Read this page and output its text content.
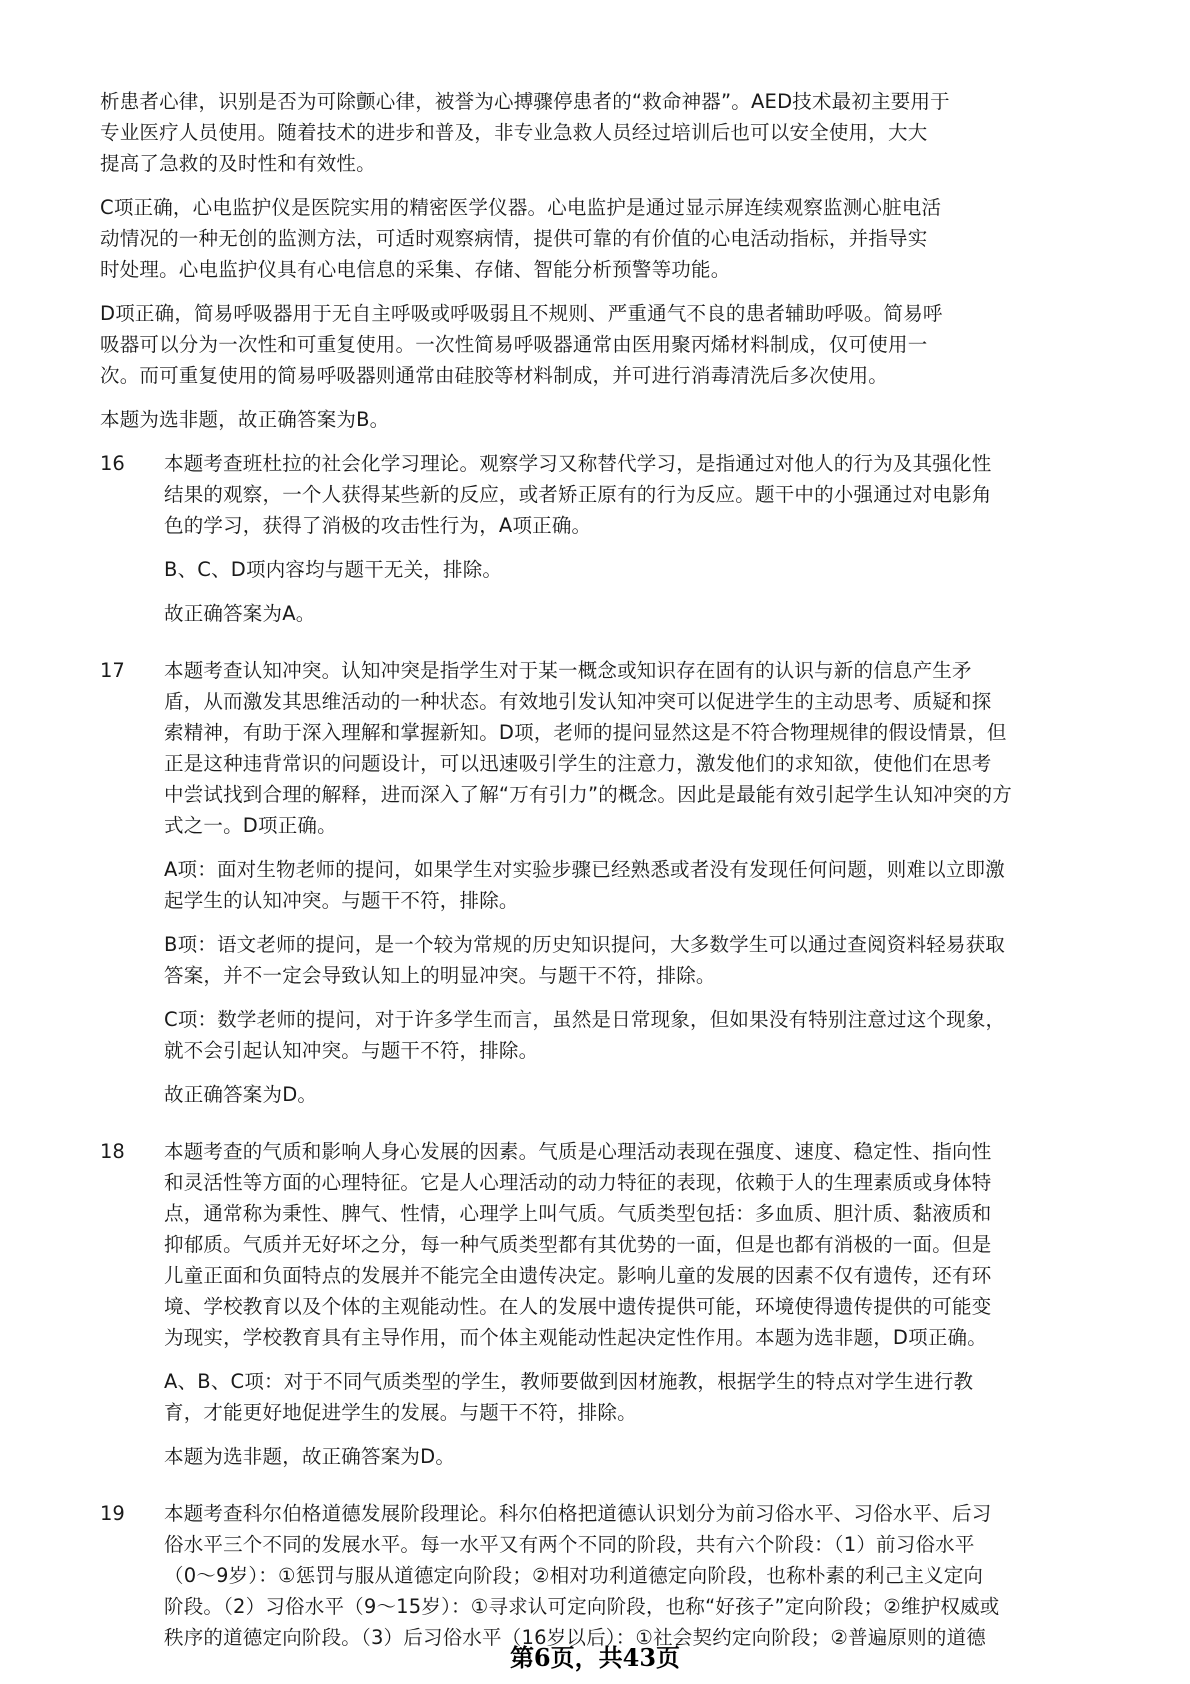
析患者心律，识别是否为可除颤心律，被誉为心搏骤停患者的“救命神器”。AED技术最初主要用于
专业医疗人员使用。随着技术的进步和普及，非专业急救人员经过培训后也可以安全使用，大大
提高了急救的及时性和有效性。

C项正确，心电监护仪是医院实用的精密医学仪器。心电监护是通过显示屏连续观察监测心脏电活
动情况的一种无创的监测方法，可适时观察病情，提供可靠的有价值的心电活动指标，并指导实
时处理。心电监护仪具有心电信息的采集、存储、智能分析预警等功能。

D项正确，简易呼吸器用于无自主呼吸或呼吸弱且不规则、严重通气不良的患者辅助呼吸。简易呼
吸器可以分为一次性和可重复使用。一次性简易呼吸器通常由医用聚丙烯材料制成，仅可使用一
次。而可重复使用的简易呼吸器则通常由硅胶等材料制成，并可进行消毒清洗后多次使用。

本题为选非题，故正确答案为B。

16	本题考查班杜拉的社会化学习理论。观察学习又称替代学习，是指通过对他人的行为及其强化性
结果的观察，一个人获得某些新的反应，或者矫正原有的行为反应。题干中的小强通过对电影角
色的学习，获得了消极的攻击性行为，A项正确。

B、C、D项内容均与题干无关，排除。

故正确答案为A。

17	本题考查认知冲突。认知冲突是指学生对于某一概念或知识存在固有的认识与新的信息产生矛
盾，从而激发其思维活动的一种状态。有效地引发认知冲突可以促进学生的主动思考、质疑和探
索精神，有助于深入理解和掌握新知。D项，老师的提问显然这是不符合物理规律的假设情景，但
正是这种违背常识的问题设计，可以迅速吸引学生的注意力，激发他们的求知欲，使他们在思考
中尝试找到合理的解释，进而深入了解“万有引力”的概念。因此是最能有效引起学生认知冲突的方
式之一。D项正确。

A项：面对生物老师的提问，如果学生对实验步骤已经熟悉或者没有发现任何问题，则难以立即激
起学生的认知冲突。与题干不符，排除。

B项：语文老师的提问，是一个较为常规的历史知识提问，大多数学生可以通过查阅资料轻易获取
答案，并不一定会导致认知上的明显冲突。与题干不符，排除。

C项：数学老师的提问，对于许多学生而言，虽然是日常现象，但如果没有特别注意过这个现象，
就不会引起认知冲突。与题干不符，排除。

故正确答案为D。

18	本题考查的气质和影响人身心发展的因素。气质是心理活动表现在强度、速度、稳定性、指向性
和灵活性等方面的心理特征。它是人心理活动的动力特征的表现，依赖于人的生理素质或身体特
点，通常称为秉性、脾气、性情，心理学上叫气质。气质类型包括：多血质、胆汁质、黏液质和
抑郁质。气质并无好坏之分，每一种气质类型都有其优势的一面，但是也都有消极的一面。但是
儿童正面和负面特点的发展并不能完全由遗传决定。影响儿童的发展的因素不仅有遗传，还有环
境、学校教育以及个体的主观能动性。在人的发展中遗传提供可能，环境使得遗传提供的可能变
为现实，学校教育具有主导作用，而个体主观能动性起决定性作用。本题为选非题，D项正确。

A、B、C项：对于不同气质类型的学生，教师要做到因材施教，根据学生的特点对学生进行教
育，才能更好地促进学生的发展。与题干不符，排除。

本题为选非题，故正确答案为D。

19	本题考查科尔伯格道德发展阶段理论。科尔伯格把道德认识划分为前习俗水平、习俗水平、后习
俗水平三个不同的发展水平。每一水平又有两个不同的阶段，共有六个阶段：（1）前习俗水平
（0～9岁）：①惩罚与服从道德定向阶段；②相对功利道德定向阶段，也称朴素的利己主义定向
阶段。（2）习俗水平（9～15岁）：①寻求认可定向阶段，也称“好孩子”定向阶段；②维护权威或
秩序的道德定向阶段。（3）后习俗水平（16岁以后）：①社会契约定向阶段；②普遍原则的道德

第6页，共43页
